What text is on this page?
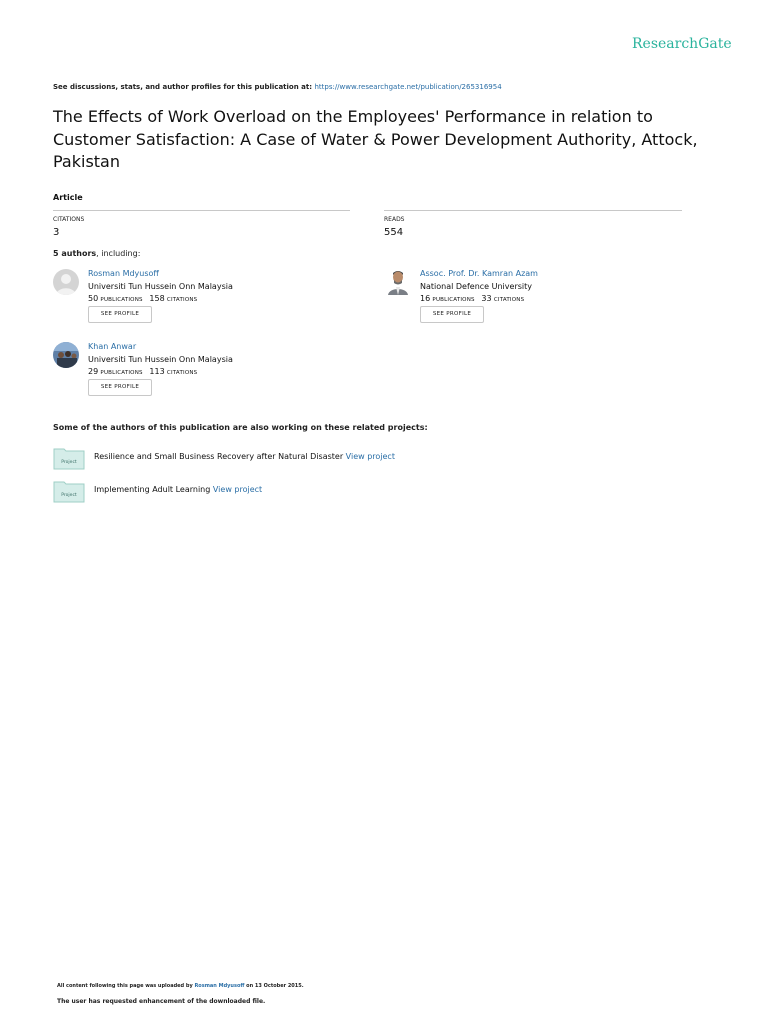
ResearchGate
See discussions, stats, and author profiles for this publication at: https://www.researchgate.net/publication/265316954
The Effects of Work Overload on the Employees' Performance in relation to Customer Satisfaction: A Case of Water & Power Development Authority, Attock, Pakistan
Article
CITATIONS
3
READS
554
5 authors, including:
Rosman Mdyusoff
Universiti Tun Hussein Onn Malaysia
50 PUBLICATIONS 158 CITATIONS
SEE PROFILE
Assoc. Prof. Dr. Kamran Azam
National Defence University
16 PUBLICATIONS 33 CITATIONS
SEE PROFILE
Khan Anwar
Universiti Tun Hussein Onn Malaysia
29 PUBLICATIONS 113 CITATIONS
SEE PROFILE
Some of the authors of this publication are also working on these related projects:
Project
Resilience and Small Business Recovery after Natural Disaster View project
Project
Implementing Adult Learning View project
All content following this page was uploaded by Rosman Mdyusoff on 13 October 2015.
The user has requested enhancement of the downloaded file.
